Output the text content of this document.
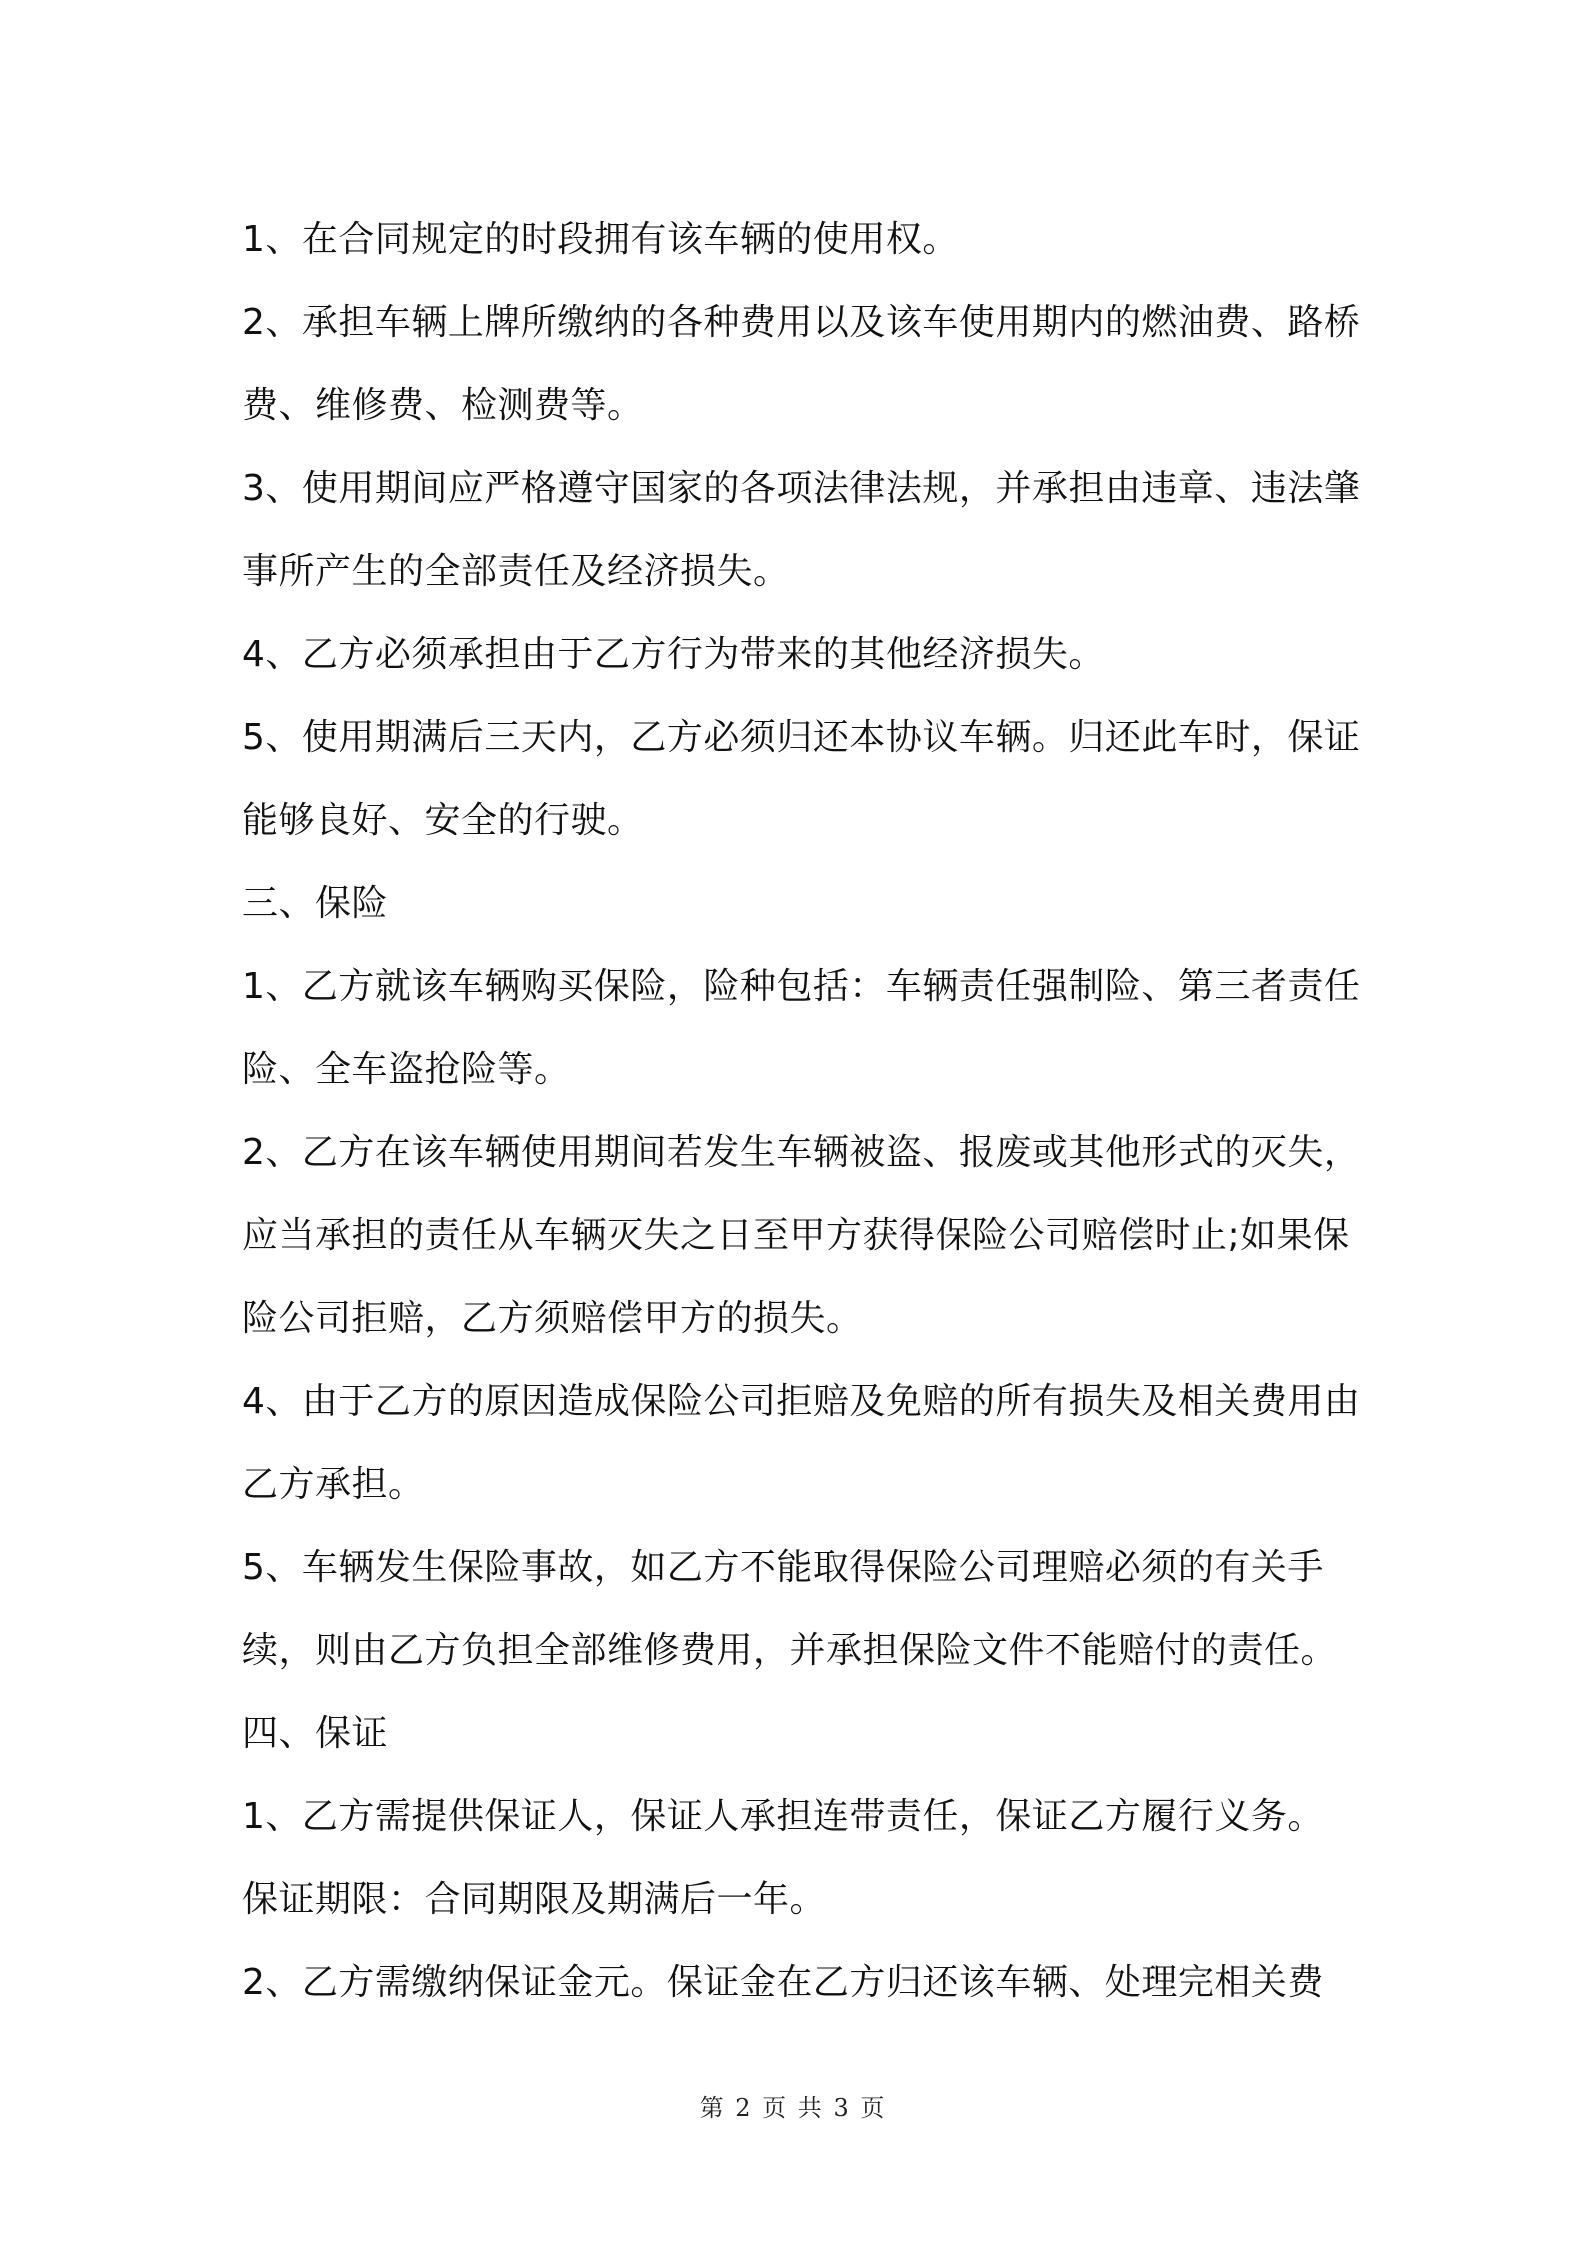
1、在合同规定的时段拥有该车辆的使用权。

2、承担车辆上牌所缴纳的各种费用以及该车使用期内的燃油费、路桥费、维修费、检测费等。

3、使用期间应严格遵守国家的各项法律法规，并承担由违章、违法肇事所产生的全部责任及经济损失。

4、乙方必须承担由于乙方行为带来的其他经济损失。

5、使用期满后三天内，乙方必须归还本协议车辆。归还此车时，保证能够良好、安全的行驶。

三、保险

1、乙方就该车辆购买保险，险种包括：车辆责任强制险、第三者责任险、全车盗抢险等。

2、乙方在该车辆使用期间若发生车辆被盗、报废或其他形式的灭失，应当承担的责任从车辆灭失之日至甲方获得保险公司赔偿时止;如果保险公司拒赔，乙方须赔偿甲方的损失。

4、由于乙方的原因造成保险公司拒赔及免赔的所有损失及相关费用由乙方承担。

5、车辆发生保险事故，如乙方不能取得保险公司理赔必须的有关手续，则由乙方负担全部维修费用，并承担保险文件不能赔付的责任。

四、保证

1、乙方需提供保证人，保证人承担连带责任，保证乙方履行义务。

保证期限：合同期限及期满后一年。

2、乙方需缴纳保证金元。保证金在乙方归还该车辆、处理完相关费

第 2 页 共 3 页
